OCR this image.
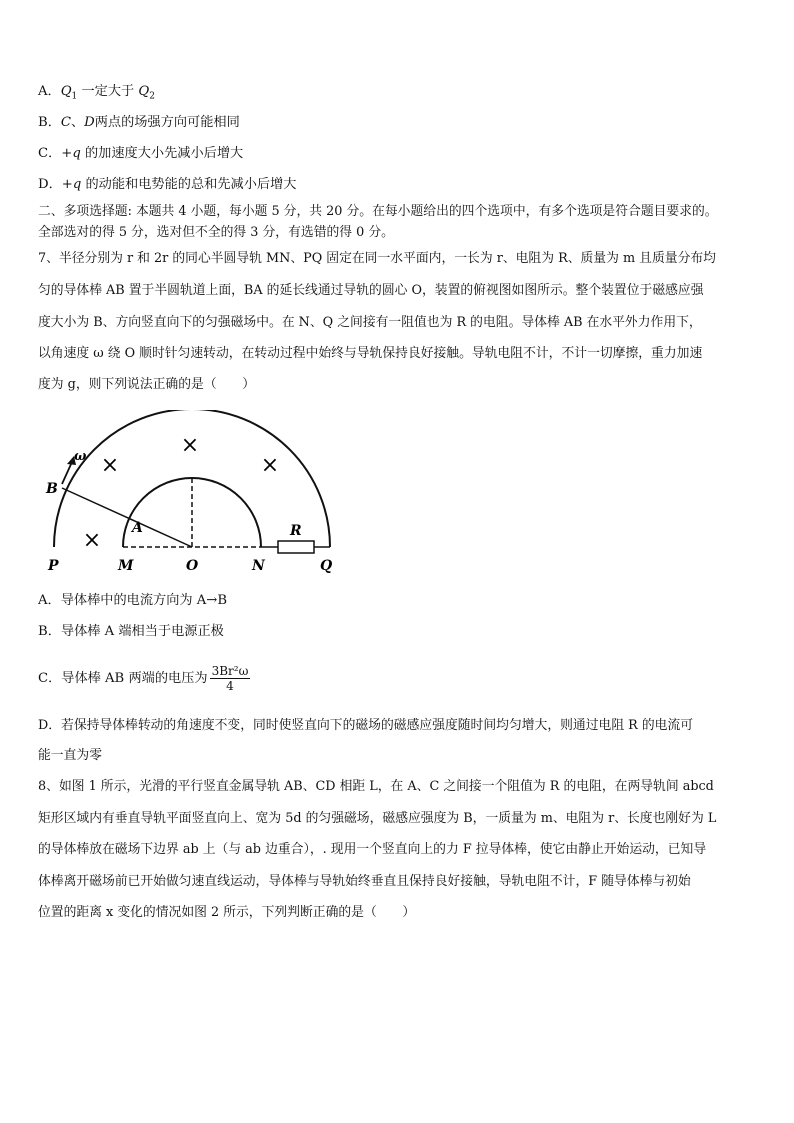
A．$Q_1$ 一定大于 $Q_2$
B．C、D两点的场强方向可能相同
C．+q 的加速度大小先减小后增大
D．+q 的动能和电势能的总和先减小后增大
二、多项选择题: 本题共 4 小题，每小题 5 分，共 20 分。在每小题给出的四个选项中，有多个选项是符合题目要求的。
全部选对的得 5 分，选对但不全的得 3 分，有选错的得 0 分。
7、半径分别为 r 和 2r 的同心半圆导轨 MN、PQ 固定在同一水平面内，一长为 r、电阻为 R、质量为 m 且质量分布均
匀的导体棒 AB 置于半圆轨道上面，BA 的延长线通过导轨的圆心 O，装置的俯视图如图所示。整个装置位于磁感应强
度大小为 B、方向竖直向下的匀强磁场中。在 N、Q 之间接有一阻值也为 R 的电阻。导体棒 AB 在水平外力作用下，
以角速度 ω 绕 O 顺时针匀速转动，在转动过程中始终与导轨保持良好接触。导轨电阻不计，不计一切摩擦，重力加速
度为 g，则下列说法正确的是（　　）
×
×
×
×
ω
B
A
P	M	O	N	Q
R
A．导体棒中的电流方向为 A→B
B．导体棒 A 端相当于电源正极
C．导体棒 AB 两端的电压为 $\frac{\text{3Br²ω}}{4}$
D．若保持导体棒转动的角速度不变，同时使竖直向下的磁场的磁感应强度随时间均匀增大，则通过电阻 R 的电流可
能一直为零
8、如图 1 所示，光滑的平行竖直金属导轨 AB、CD 相距 L，在 A、C 之间接一个阻值为 R 的电阻，在两导轨间 abcd
矩形区域内有垂直导轨平面竖直向上、宽为 5d 的匀强磁场，磁感应强度为 B，一质量为 m、电阻为 r、长度也刚好为 L
的导体棒放在磁场下边界 ab 上（与 ab 边重合），. 现用一个竖直向上的力 F 拉导体棒，使它由静止开始运动，已知导
体棒离开磁场前已开始做匀速直线运动，导体棒与导轨始终垂直且保持良好接触，导轨电阻不计，F 随导体棒与初始
位置的距离 x 变化的情况如图 2 所示，下列判断正确的是（　　）
